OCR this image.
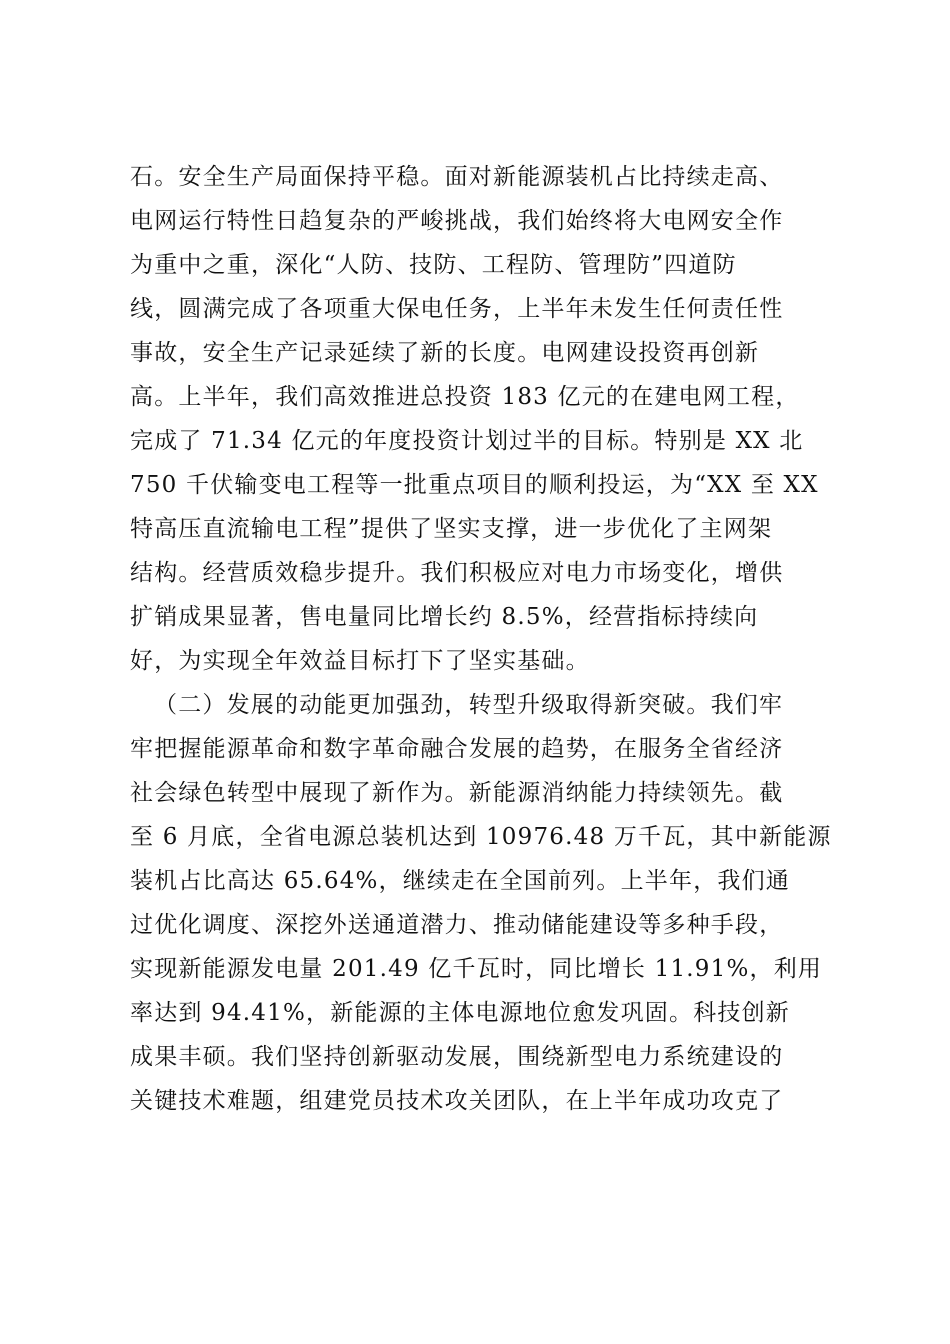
石。安全生产局面保持平稳。面对新能源装机占比持续走高、
电网运行特性日趋复杂的严峻挑战，我们始终将大电网安全作
为重中之重，深化“人防、技防、工程防、管理防”四道防
线，圆满完成了各项重大保电任务，上半年未发生任何责任性
事故，安全生产记录延续了新的长度。电网建设投资再创新
高。上半年，我们高效推进总投资 183 亿元的在建电网工程，
完成了 71.34 亿元的年度投资计划过半的目标。特别是 XX 北
750 千伏输变电工程等一批重点项目的顺利投运，为“XX 至 XX
特高压直流输电工程”提供了坚实支撑，进一步优化了主网架
结构。经营质效稳步提升。我们积极应对电力市场变化，增供
扩销成果显著，售电量同比增长约 8.5%，经营指标持续向
好，为实现全年效益目标打下了坚实基础。
（二）发展的动能更加强劲，转型升级取得新突破。我们牢
牢把握能源革命和数字革命融合发展的趋势，在服务全省经济
社会绿色转型中展现了新作为。新能源消纳能力持续领先。截
至 6 月底，全省电源总装机达到 10976.48 万千瓦，其中新能源
装机占比高达 65.64%，继续走在全国前列。上半年，我们通
过优化调度、深挖外送通道潜力、推动储能建设等多种手段，
实现新能源发电量 201.49 亿千瓦时，同比增长 11.91%，利用
率达到 94.41%，新能源的主体电源地位愈发巩固。科技创新
成果丰硕。我们坚持创新驱动发展，围绕新型电力系统建设的
关键技术难题，组建党员技术攻关团队，在上半年成功攻克了
